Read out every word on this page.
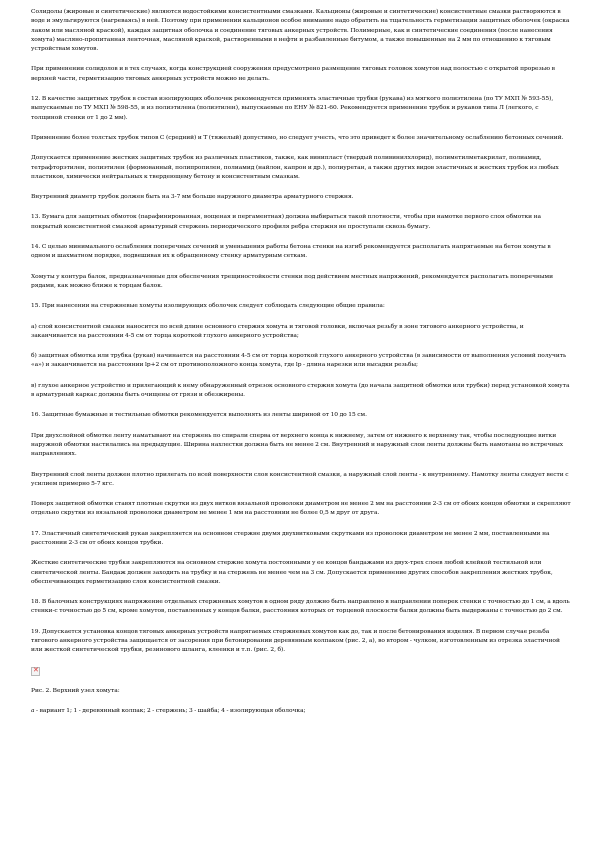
Солидолы (жировые и синтетические) являются водостойкими консистентными смазками. Кальционы (жировые и синтетические) консистентные смазки растворяются в воде и эмульгируются (нагреваясь) в ней. Поэтому при применении кальционов особое внимание надо обратить на тщательность герметизации защитных оболочек (окраска лаком или масляной краской), каждая защитная оболочка и соединение тяговых анкерных устройств. Полимерные, как и синтетические соединения (после нанесения хомута) масляно-пропитанная ленточная, масляной краской, растворенными в нефти и разбавленные битумом, а также повышенные на 2 мм по отношению к тяговым устройствам хомутов.

При применении солидолов и в тех случаях, когда конструкцией сооружения предусмотрено размещение тяговых головок хомутов над полостью с открытой прорезью в верхней части, герметизацию тяговых анкерных устройств можно не делать.

12. В качестве защитных трубок в состав изолирующих оболочек рекомендуется применять эластичные трубки (рукава) из мягкого полиэтилена (по ТУ МХП № 593-55), выпускаемые по ТУ МХП № 598-55, и из полиэтилена (полиэтилен), выпускаемые по ЕНУ № 821-60. Рекомендуется применение трубок и рукавов типа Л (легкого, с толщиной стенки от 1 до 2 мм).

Применение более толстых трубок типов С (средний) и Т (тяжелый) допустимо, но следует учесть, что это приведет к более значительному ослаблению бетонных сечений.

Допускается применение жестких защитных трубок из различных пластиков, также, как винипласт (твердый поливинилхлорид), полиметилметакрилат, полиамид, тетрафторэтилен, полиэтилен (формованный, полипропилен, полиамид (найлон, капрон и др.), полиуретан, а также других видов эластичных и жестких трубок из любых пластиков, химически нейтральных к твердеющему бетону и консистентным смазкам.

Внутренний диаметр трубок должен быть на 3-7 мм больше наружного диаметра арматурного стержня.

13. Бумага для защитных обмоток (парафинированная, вощеная и пергаментная) должна выбираться такой плотности, чтобы при намотке первого слоя обмотки на покрытый консистентной смазкой арматурный стержень периодического профиля ребра стержня не проступали сквозь бумагу.

14. С целью минимального ослабления поперечных сечений и уменьшения работы бетона стенки на изгиб рекомендуется располагать напрягаемые на бетон хомуты в одном и шахматном порядке, подвешивая их к обращенному стенку арматурным сеткам.

Хомуты у контура балок, предназначенные для обеспечения трещиностойкости стенки под действием местных напряжений, рекомендуется располагать поперечными рядами, как можно ближе к торцам балок.

15. При нанесении на стержневые хомуты изолирующих оболочек следует соблюдать следующие общие правила:

а) слой консистентной смазки наносится по всей длине основного стержня хомута и тяговой головки, включая резьбу в зоне тягового анкерного устройства, и заканчивается на расстоянии 4-5 см от торца короткой глухого анкерного устройства;

б) защитная обмотка или трубка (рукав) начинается на расстоянии 4-5 см от торца короткой глухого анкерного устройства (в зависимости от выполнения условий получить «а») и заканчивается на расстоянии lр+2 см от противоположного конца хомута, где lр - длина нарезки или высадки резьбы;

в) глухое анкерное устройство и прилегающий к нему обнаруженный отрезок основного стержня хомута (до начала защитной обмотки или трубки) перед установкой хомута в арматурный каркас должны быть очищены от грязи и обезжирены.

16. Защитные бумажные и тестильные обмотки рекомендуется выполнять из ленты шириной от 10 до 15 см.

При двухслойной обмотке ленту наматывают на стержень по спирали сперва от верхнего конца к нижнему, затем от нижнего к верхнему так, чтобы последующие витки наружной обмотки настилались на предыдущие. Ширина нахлестки должна быть не менее 2 см. Внутренний и наружный слои ленты должны быть намотаны во встречных направлениях.

Внутренний слой ленты должен плотно прилегать по всей поверхности слоя консистентной смазки, а наружный слой ленты - к внутреннему. Намотку ленты следует вести с усилием примерно 5-7 кгс.

Поверх защитной обмотки ставят плотные скрутки из двух витков вязальной проволоки диаметром не менее 2 мм на расстоянии 2-3 см от обоих концов обмотки и скрепляют отдельно скрутки из вязальной проволоки диаметром не менее 1 мм на расстоянии не более 0,5 м друг от друга.

17. Эластичный синтетический рукав закрепляется на основном стержне двумя двухвитковыми скрутками из проволоки диаметром не менее 2 мм, поставленными на расстоянии 2-3 см от обоих концов трубки.

Жесткие синтетические трубки закрепляются на основном стержне хомута постоянными у ее концов бандажами из двух-трех слоев любой клейкой тестильной или синтетической ленты. Бандаж должен заходить на трубку и на стержень не менее чем на 3 см. Допускается применение других способов закрепления жестких трубок, обеспечивающих герметизацию слоя консистентной смазки.

18. В балочных конструкциях напряжение отдельных стержневых хомутов в одном ряду должно быть направлено в направлении поперек стенки с точностью до 1 см, а вдоль стенки-с точностью до 5 см, кроме хомутов, поставленных у концов балки, расстояния которых от торцевой плоскости балки должны быть выдержаны с точностью до 2 см.

19. Допускается установка концов тяговых анкерных устройств напрягаемых стержневых хомутов как до, так и после бетонирования изделия. В первом случае резьба тягового анкерного устройства защищается от засорения при бетонировании деревянным колпаком (рис. 2, а), во втором - чулком, изготовленным из отрезка эластичной или жесткой синтетической трубки, резинового шланга, клеенки и т.п. (рис. 2, б).

✕

Рис. 2. Верхний узел хомута:

а - вариант 1; 1 - деревянный колпак; 2 - стержень; 3 - шайба; 4 - изолирующая оболочка;
